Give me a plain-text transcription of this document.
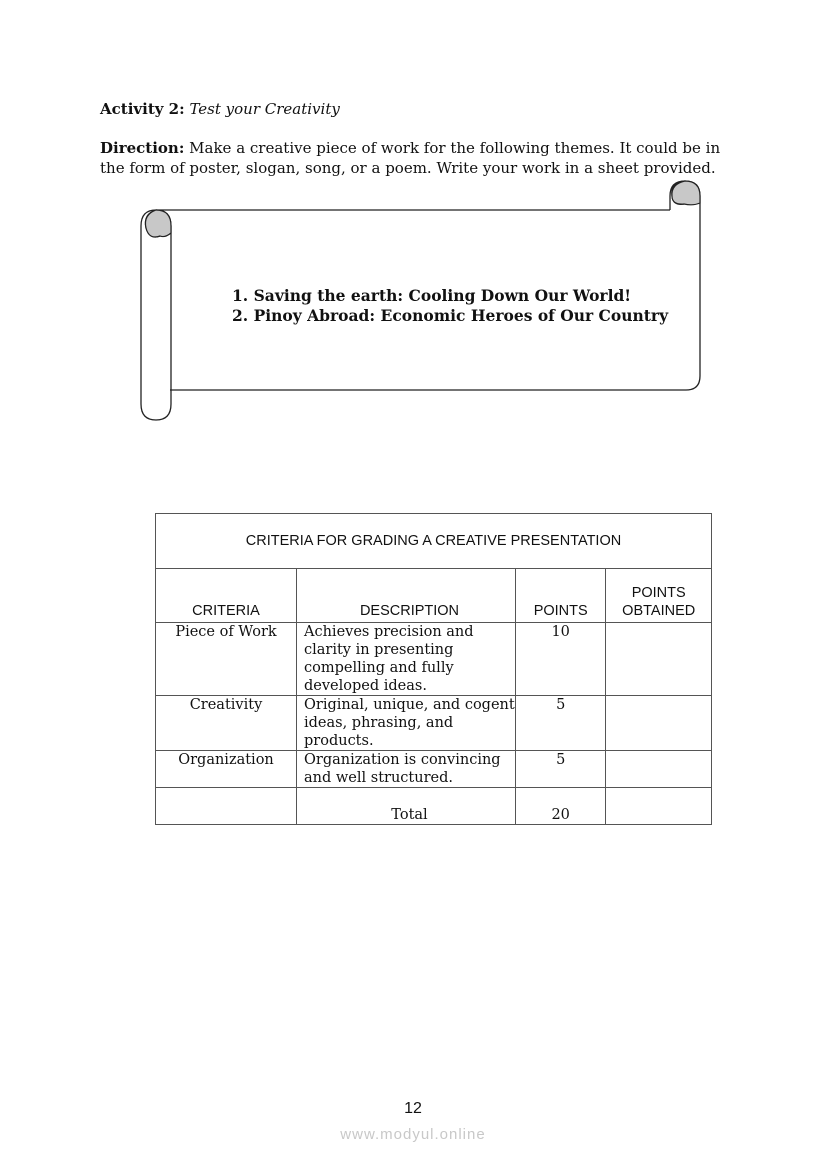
Activity 2: Test your Creativity
Direction: Make a creative piece of work for the following themes. It could be in the form of poster, slogan, song, or a poem. Write your work in a sheet provided.
1. Saving the earth: Cooling Down Our World!
2. Pinoy Abroad: Economic Heroes of Our Country
CRITERIA FOR GRADING A CREATIVE PRESENTATION			

CRITERIA	DESCRIPTION	POINTS	POINTS OBTAINED

Piece of Work	Achieves precision and clarity in presenting compelling and fully developed ideas.	10	
Creativity	Original, unique, and cogent ideas, phrasing, and products.	5	
Organization	Organization is convincing and well structured.	5	
	Total	20	
12
www.modyul.online
